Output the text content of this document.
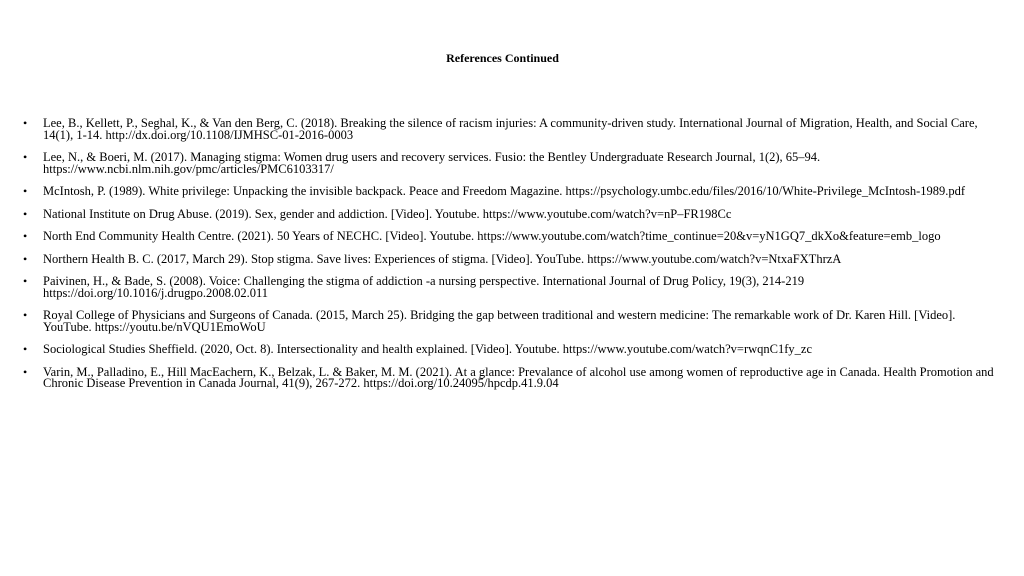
References Continued
• Lee, B., Kellett, P., Seghal, K., & Van den Berg, C. (2018). Breaking the silence of racism injuries: A community-driven study. International Journal of Migration, Health, and Social Care, 14(1), 1-14. http://dx.doi.org/10.1108/IJMHSC-01-2016-0003
• Lee, N., & Boeri, M. (2017). Managing stigma: Women drug users and recovery services. Fusio: the Bentley Undergraduate Research Journal, 1(2), 65–94. https://www.ncbi.nlm.nih.gov/pmc/articles/PMC6103317/
• McIntosh, P. (1989). White privilege: Unpacking the invisible backpack. Peace and Freedom Magazine. https://psychology.umbc.edu/files/2016/10/White-Privilege_McIntosh-1989.pdf
• National Institute on Drug Abuse. (2019). Sex, gender and addiction. [Video]. Youtube. https://www.youtube.com/watch?v=nP–FR198Cc
• North End Community Health Centre. (2021). 50 Years of NECHC. [Video]. Youtube. https://www.youtube.com/watch?time_continue=20&v=yN1GQ7_dkXo&feature=emb_logo
• Northern Health B. C. (2017, March 29). Stop stigma. Save lives: Experiences of stigma. [Video]. YouTube. https://www.youtube.com/watch?v=NtxaFXThrzA
• Paivinen, H., & Bade, S. (2008). Voice: Challenging the stigma of addiction -a nursing perspective. International Journal of Drug Policy, 19(3), 214-219 https://doi.org/10.1016/j.drugpo.2008.02.011
• Royal College of Physicians and Surgeons of Canada. (2015, March 25). Bridging the gap between traditional and western medicine: The remarkable work of Dr. Karen Hill. [Video]. YouTube. https://youtu.be/nVQU1EmoWoU
• Sociological Studies Sheffield. (2020, Oct. 8). Intersectionality and health explained. [Video]. Youtube. https://www.youtube.com/watch?v=rwqnC1fy_zc
• Varin, M., Palladino, E., Hill MacEachern, K., Belzak, L. & Baker, M. M. (2021). At a glance: Prevalance of alcohol use among women of reproductive age in Canada. Health Promotion and Chronic Disease Prevention in Canada Journal, 41(9), 267-272. https://doi.org/10.24095/hpcdp.41.9.04
